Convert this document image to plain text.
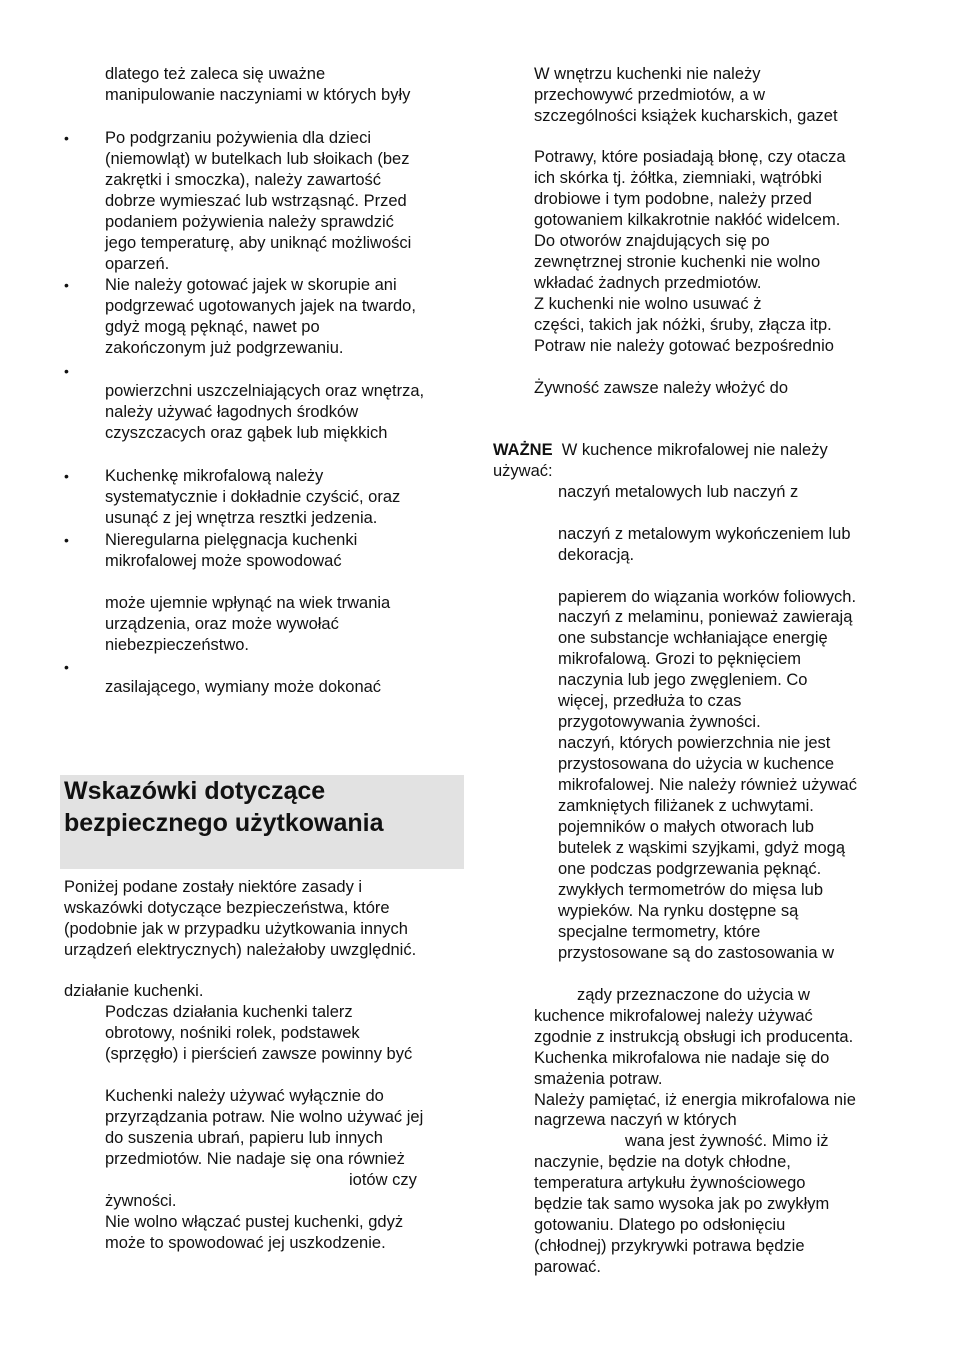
dlatego też zaleca się uważne
manipulowanie naczyniami w których były
•
•
Po podgrzaniu pożywienia dla dzieci
(niemowląt) w butelkach lub słoikach (bez
zakrętki i smoczka), należy zawartość
dobrze wymieszać lub wstrząsnąć. Przed
podaniem pożywienia należy sprawdzić
jego temperaturę, aby uniknąć możliwości
oparzeń.
Nie należy gotować jajek w skorupie ani
podgrzewać ugotowanych jajek na twardo,
gdyż mogą pęknąć, nawet po
zakończonym już podgrzewaniu.
•
powierzchni uszczelniających oraz wnętrza,
należy używać łagodnych środków
czyszczacych oraz gąbek lub miękkich
•
•
Kuchenkę mikrofalową należy
systematycznie i dokładnie czyścić, oraz
usunąć z jej wnętrza resztki jedzenia.
Nieregularna pielęgnacja kuchenki
mikrofalowej może spowodować
może ujemnie wpłynąć na wiek trwania
urządzenia, oraz może wywołać
niebezpieczeństwo.
•
zasilającego, wymiany może dokonać
Wskazówki dotyczące
bezpiecznego użytkowania
Poniżej podane zostały niektóre zasady i
wskazówki dotyczące bezpieczeństwa, które
(podobnie jak w przypadku użytkowania innych
urządzeń elektrycznych) należałoby uwzględnić.
działanie kuchenki.
Podczas działania kuchenki talerz
obrotowy, nośniki rolek, podstawek
(sprzęgło) i pierścień zawsze powinny być
Kuchenki należy używać wyłącznie do
przyrządzania potraw. Nie wolno używać jej
do suszenia ubrań, papieru lub innych
przedmiotów. Nie nadaje się ona również
iotów czy
żywności.
Nie wolno włączać pustej kuchenki, gdyż
może to spowodować jej uszkodzenie.
W wnętrzu kuchenki nie należy
przechowywć przedmiotów, a w
szczególności książek kucharskich, gazet
Potrawy, które posiadają błonę, czy otacza
ich skórka tj. żółtka, ziemniaki, wątróbki
drobiowe i tym podobne, należy przed
gotowaniem kilkakrotnie nakłóć widelcem.
Do otworów znajdujących się po
zewnętrznej stronie kuchenki nie wolno
wkładać żadnych przedmiotów.
Z kuchenki nie wolno usuwać ż
części, takich jak nóżki, śruby, złącza itp.
Potraw nie należy gotować bezpośrednio
Żywność zawsze należy włożyć do
WAŻNE  W kuchence mikrofalowej nie należy
używać:
naczyń metalowych lub naczyń z
naczyń z metalowym wykończeniem lub
dekoracją.
papierem do wiązania worków foliowych.
naczyń z melaminu, ponieważ zawierają
one substancje wchłaniające energię
mikrofalową. Grozi to pęknięciem
naczynia lub jego zwęgleniem. Co
więcej, przedłuża to czas
przygotowywania żywności.
naczyń, których powierzchnia nie jest
przystosowana do użycia w kuchence
mikrofalowej. Nie należy również używać
zamkniętych filiżanek z uchwytami.
pojemników o małych otworach lub
butelek z wąskimi szyjkami, gdyż mogą
one podczas podgrzewania pęknąć.
zwykłych termometrów do mięsa lub
wypieków. Na rynku dostępne są
specjalne termometry, które
przystosowane są do zastosowania w
ządy przeznaczone do użycia w
kuchence mikrofalowej należy używać
zgodnie z instrukcją obsługi ich producenta.
Kuchenka mikrofalowa nie nadaje się do
smażenia potraw.
Należy pamiętać, iż energia mikrofalowa nie
nagrzewa naczyń w których
wana jest żywność. Mimo iż
naczynie, będzie na dotyk chłodne,
temperatura artykułu żywnościowego
będzie tak samo wysoka jak po zwykłym
gotowaniu. Dlatego po odsłonięciu
(chłodnej) przykrywki potrawa będzie
parować.
